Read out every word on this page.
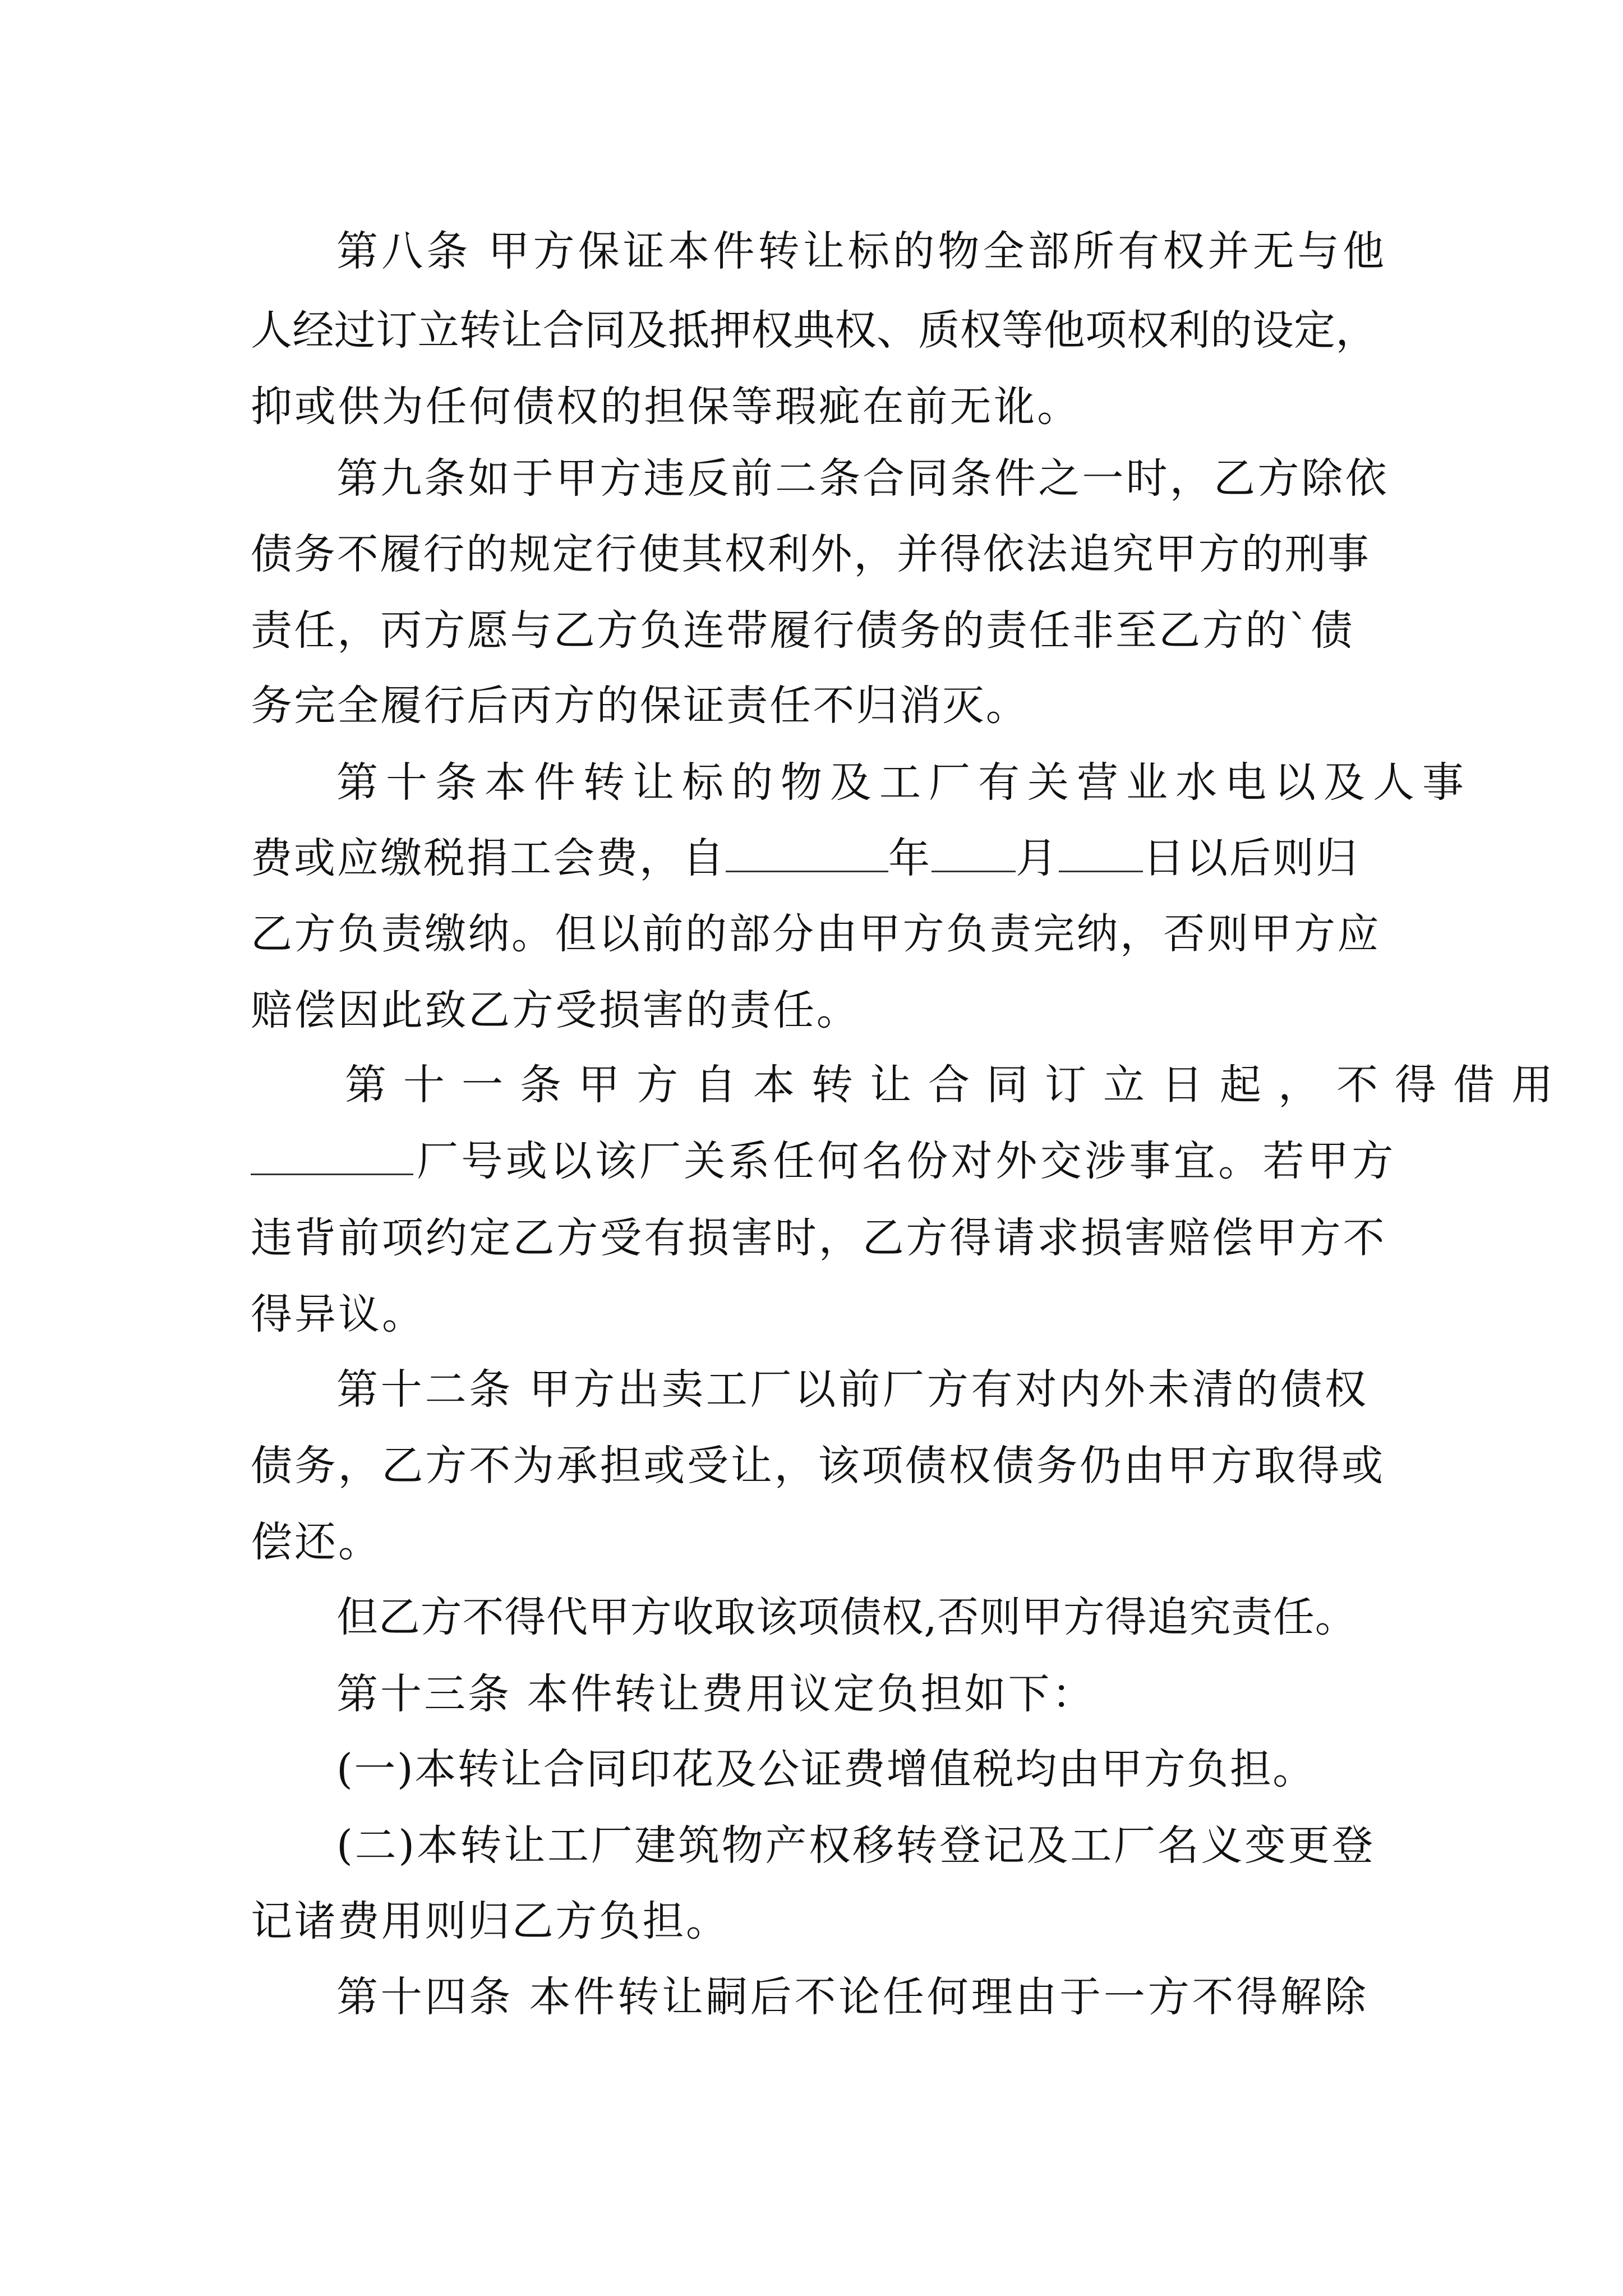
第八条 甲方保证本件转让标的物全部所有权并无与他

人经过订立转让合同及抵押权典权、质权等他项权利的设定，

抑或供为任何债权的担保等瑕疵在前无讹。

第九条如于甲方违反前二条合同条件之一时，乙方除依

债务不履行的规定行使其权利外，并得依法追究甲方的刑事

责任，丙方愿与乙方负连带履行债务的责任非至乙方的`债

务完全履行后丙方的保证责任不归消灭。

第十条本件转让标的物及工厂有关营业水电以及人事

费或应缴税捐工会费，自	年 月 日以后则归

乙方负责缴纳。但以前的部分由甲方负责完纳，否则甲方应

赔偿因此致乙方受损害的责任。

第十一条甲方自本转让合同订立日起，不得借用

厂号或以该厂关系任何名份对外交涉事宜。若甲方

违背前项约定乙方受有损害时，乙方得请求损害赔偿甲方不

得异议。

第十二条 甲方出卖工厂以前厂方有对内外未清的债权

债务，乙方不为承担或受让，该项债权债务仍由甲方取得或

偿还。

但乙方不得代甲方收取该项债权,否则甲方得追究责任。

第十三条 本件转让费用议定负担如下：

(一)本转让合同印花及公证费增值税均由甲方负担。

(二)本转让工厂建筑物产权移转登记及工厂名义变更登

记诸费用则归乙方负担。

第十四条 本件转让嗣后不论任何理由于一方不得解除
